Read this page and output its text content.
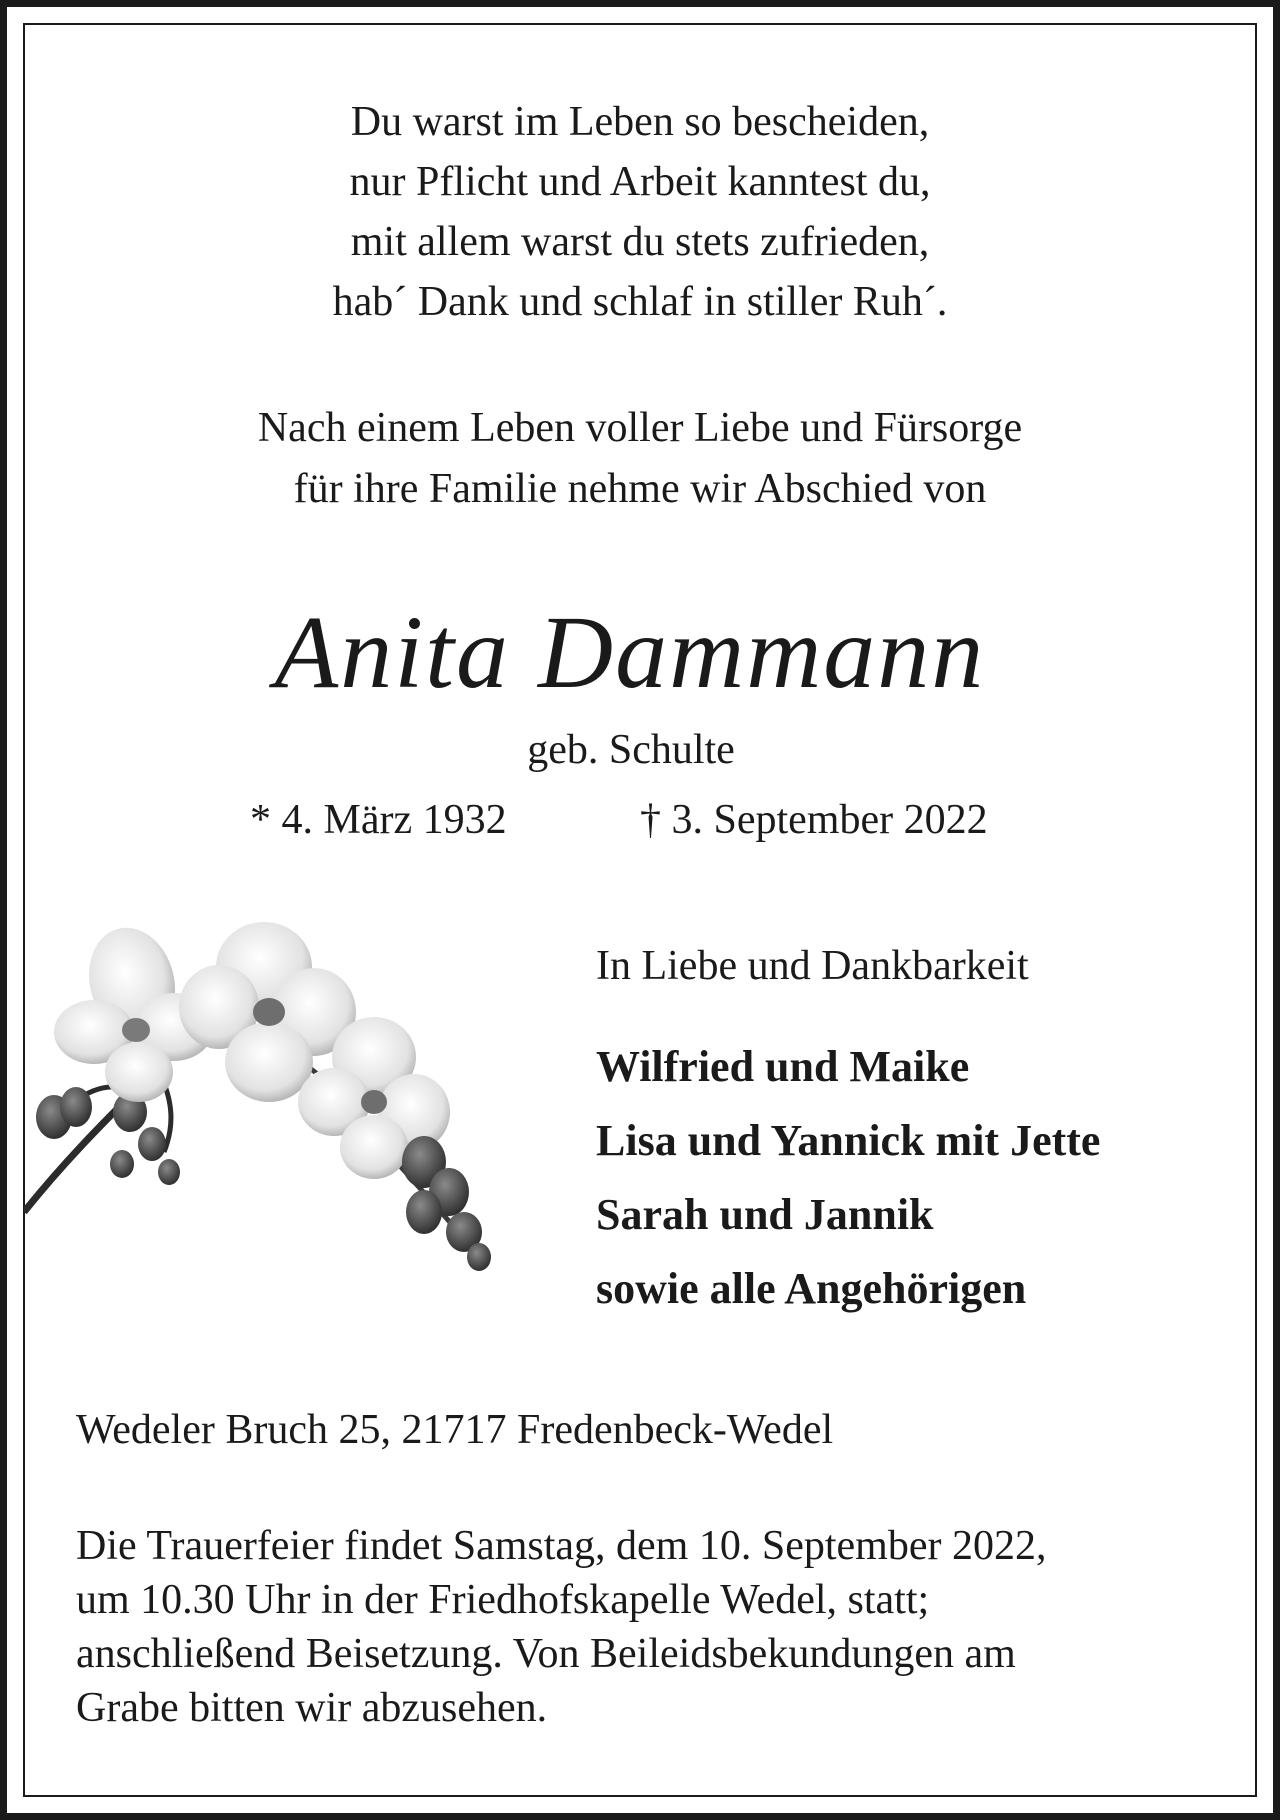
Du warst im Leben so bescheiden,
nur Pflicht und Arbeit kanntest du,
mit allem warst du stets zufrieden,
hab´ Dank und schlaf in stiller Ruh´.
Nach einem Leben voller Liebe und Fürsorge
für ihre Familie nehme wir Abschied von
Anita Dammann
geb. Schulte
* 4. März 1932	† 3. September 2022
In Liebe und Dankbarkeit
Wilfried und Maike
Lisa und Yannick mit Jette
Sarah und Jannik
sowie alle Angehörigen
Wedeler Bruch 25, 21717 Fredenbeck-Wedel
Die Trauerfeier findet Samstag, dem 10. September 2022,
um 10.30 Uhr in der Friedhofskapelle Wedel, statt;
anschließend Beisetzung. Von Beileidsbekundungen am
Grabe bitten wir abzusehen.
